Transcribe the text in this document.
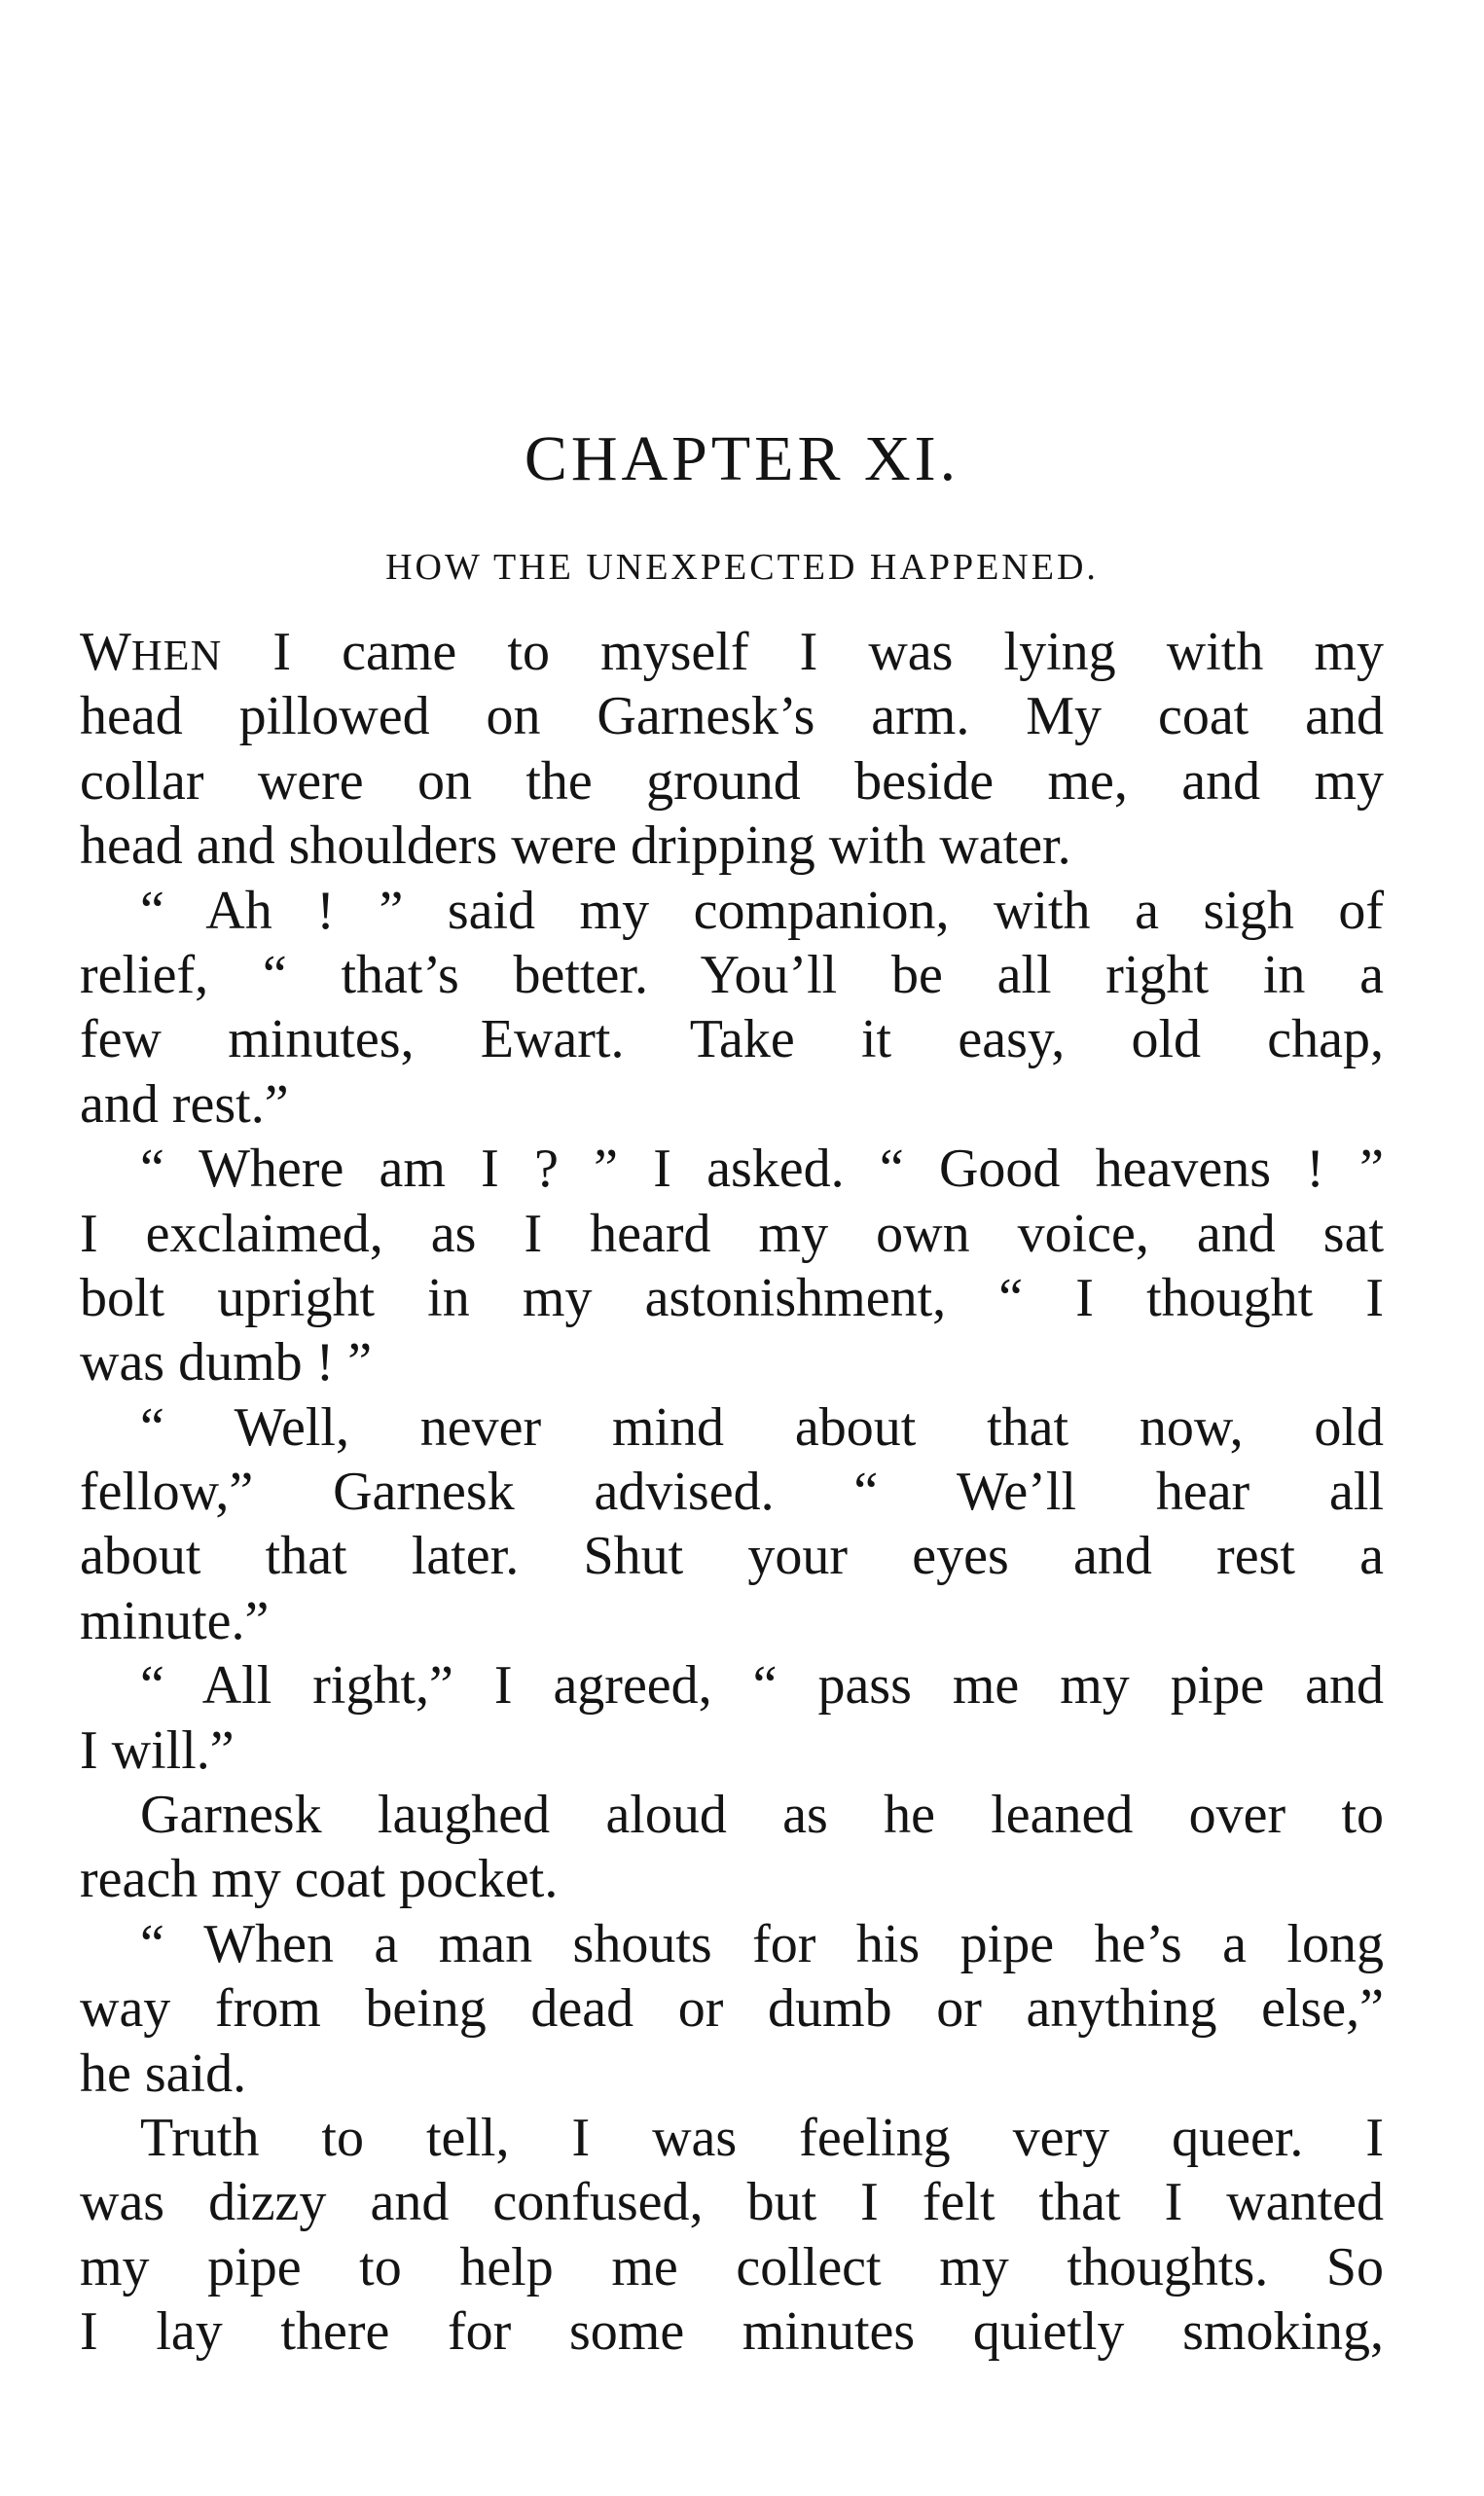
CHAPTER XI.
HOW THE UNEXPECTED HAPPENED.
WHEN I came to myself I was lying with my
head pillowed on Garnesk’s arm. My coat and
collar were on the ground beside me, and my
head and shoulders were dripping with water.
“ Ah ! ” said my companion, with a sigh of
relief, “ that’s better. You’ll be all right in a
few minutes, Ewart. Take it easy, old chap,
and rest.”
“ Where am I ? ” I asked. “ Good heavens ! ”
I exclaimed, as I heard my own voice, and sat
bolt upright in my astonishment, “ I thought I
was dumb ! ”
“ Well, never mind about that now, old
fellow,” Garnesk advised. “ We’ll hear all
about that later. Shut your eyes and rest a
minute.”
“ All right,” I agreed, “ pass me my pipe and
I will.”
Garnesk laughed aloud as he leaned over to
reach my coat pocket.
“ When a man shouts for his pipe he’s a long
way from being dead or dumb or anything else,”
he said.
Truth to tell, I was feeling very queer. I
was dizzy and confused, but I felt that I wanted
my pipe to help me collect my thoughts. So
I lay there for some minutes quietly smoking,
